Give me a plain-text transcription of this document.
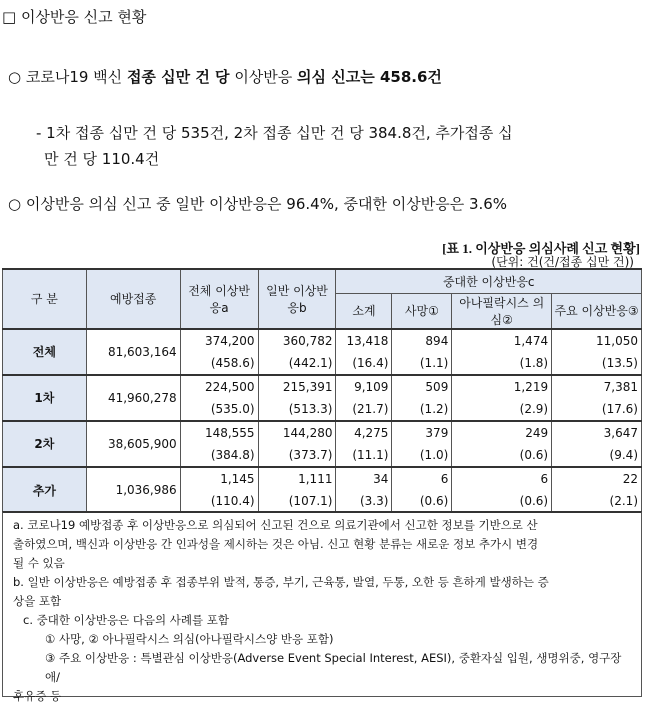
□ 이상반응 신고 현황
○ 코로나19 백신 접종 십만 건 당 이상반응 의심 신고는 458.6건
- 1차 접종 십만 건 당 535건, 2차 접종 십만 건 당 384.8건, 추가접종 십
만 건 당 110.4건
○ 이상반응 의심 신고 중 일반 이상반응은 96.4%, 중대한 이상반응은 3.6%
[표 1. 이상반응 의심사례 신고 현황]
(단위: 건(건/접종 십만 건))
구 분	예방접종	전체 이상반응a	일반 이상반응b	중대한 이상반응c			
				소계	사망①	아나필락시스 의심②	주요 이상반응③
전체	81,603,164	374,200	360,782	13,418	894	1,474	11,050
		(458.6)	(442.1)	(16.4)	(1.1)	(1.8)	(13.5)
1차	41,960,278	224,500	215,391	9,109	509	1,219	7,381
		(535.0)	(513.3)	(21.7)	(1.2)	(2.9)	(17.6)
2차	38,605,900	148,555	144,280	4,275	379	249	3,647
		(384.8)	(373.7)	(11.1)	(1.0)	(0.6)	(9.4)
추가	1,036,986	1,145	1,111	34	6	6	22
		(110.4)	(107.1)	(3.3)	(0.6)	(0.6)	(2.1)

a. 코로나19 예방접종 후 이상반응으로 의심되어 신고된 건으로 의료기관에서 신고한 정보를 기반으로 산

출하였으며, 백신과 이상반응 간 인과성을 제시하는 것은 아님. 신고 현황 분류는 새로운 정보 추가시 변경

될 수 있음

b. 일반 이상반응은 예방접종 후 접종부위 발적, 통증, 부기, 근육통, 발열, 두통, 오한 등 흔하게 발생하는 증

상을 포함

c. 중대한 이상반응은 다음의 사례를 포함

① 사망, ② 아나필락시스 의심(아나필락시스양 반응 포함)

③ 주요 이상반응 : 특별관심 이상반응(Adverse Event Special Interest, AESI), 중환자실 입원, 생명위중, 영구장애/

후유증 등
